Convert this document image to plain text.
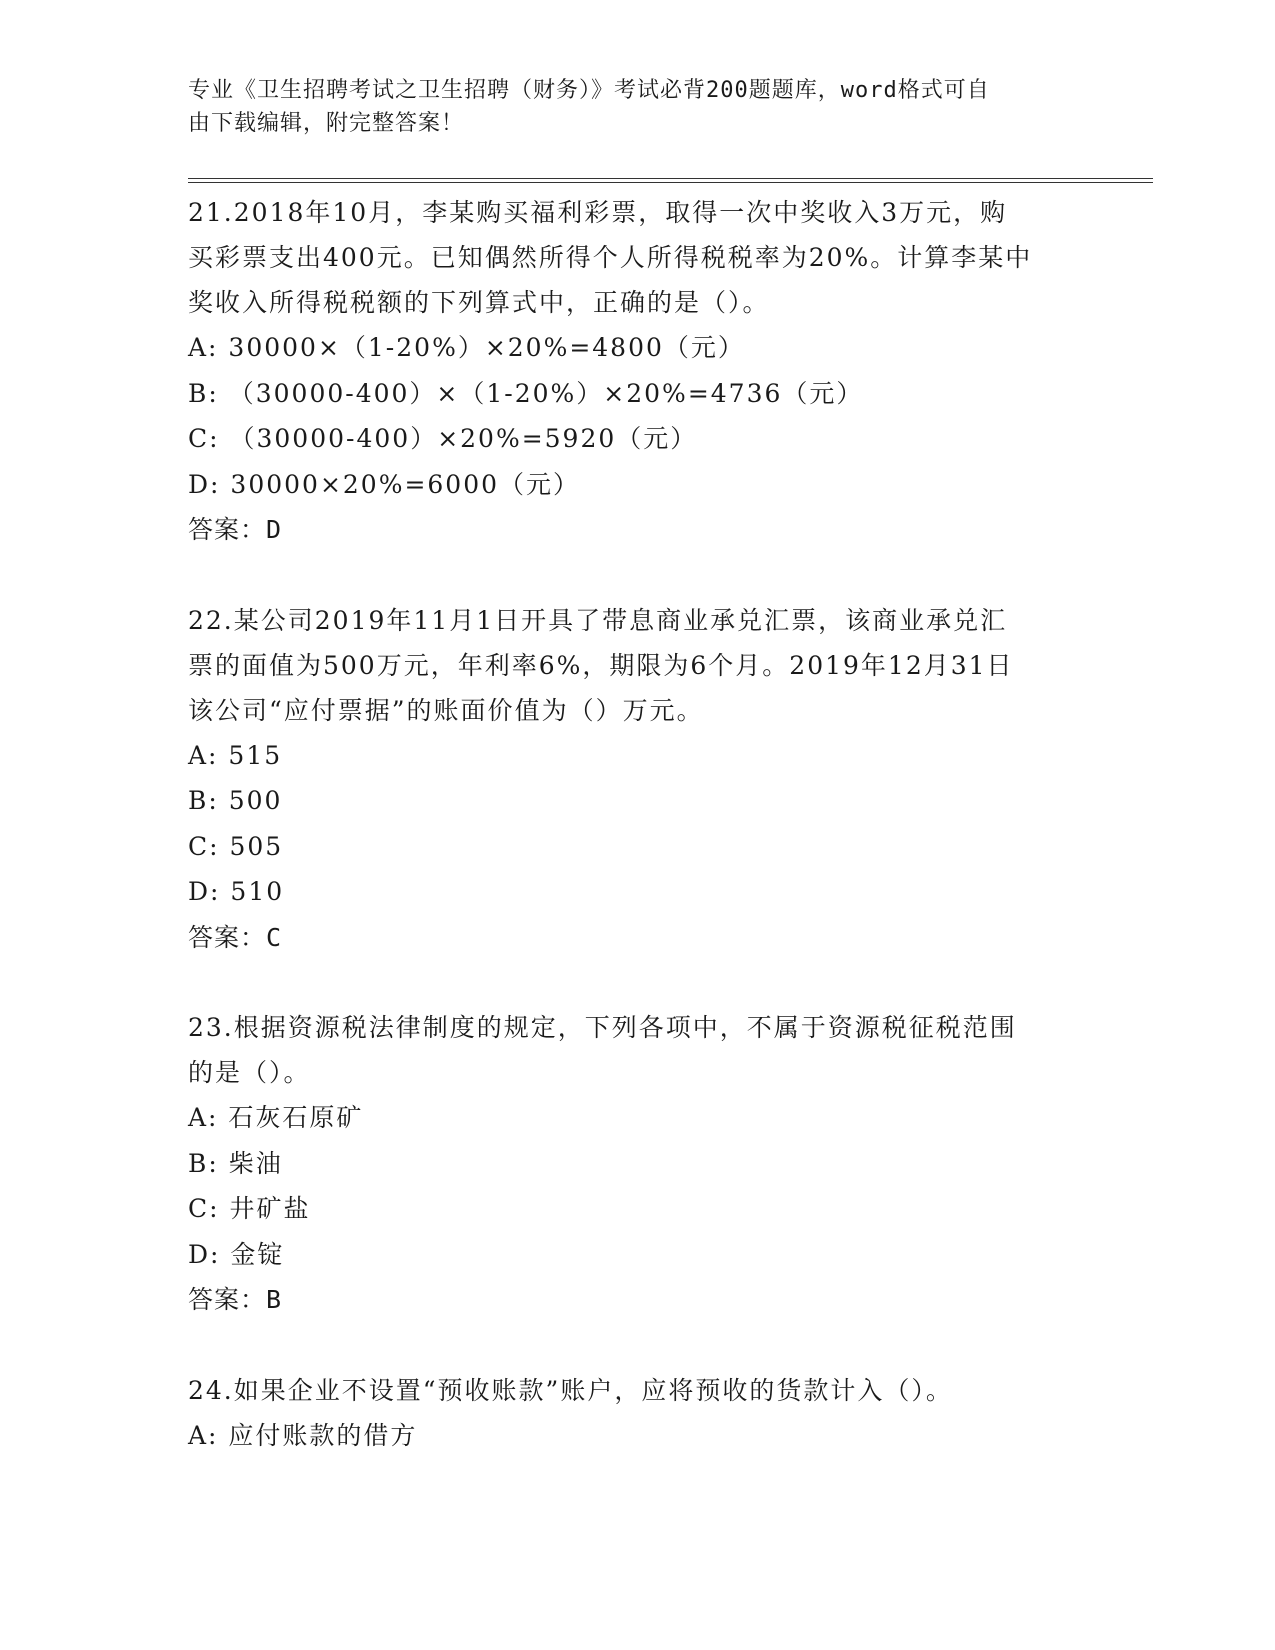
专业《卫生招聘考试之卫生招聘（财务）》考试必背200题题库，word格式可自
由下载编辑，附完整答案！

21.2018年10月，李某购买福利彩票，取得一次中奖收入3万元，购

买彩票支出400元。已知偶然所得个人所得税税率为20%。计算李某中

奖收入所得税税额的下列算式中，正确的是（）。

A: 30000×（1-20%）×20%=4800（元）

B: （30000-400）×（1-20%）×20%=4736（元）

C: （30000-400）×20%=5920（元）

D: 30000×20%=6000（元）

答案：D

22.某公司2019年11月1日开具了带息商业承兑汇票，该商业承兑汇

票的面值为500万元，年利率6%，期限为6个月。2019年12月31日

该公司“应付票据”的账面价值为（）万元。

A: 515

B: 500

C: 505

D: 510

答案：C

23.根据资源税法律制度的规定，下列各项中，不属于资源税征税范围

的是（）。

A: 石灰石原矿

B: 柴油

C: 井矿盐

D: 金锭

答案：B

24.如果企业不设置“预收账款”账户，应将预收的货款计入（）。

A: 应付账款的借方
